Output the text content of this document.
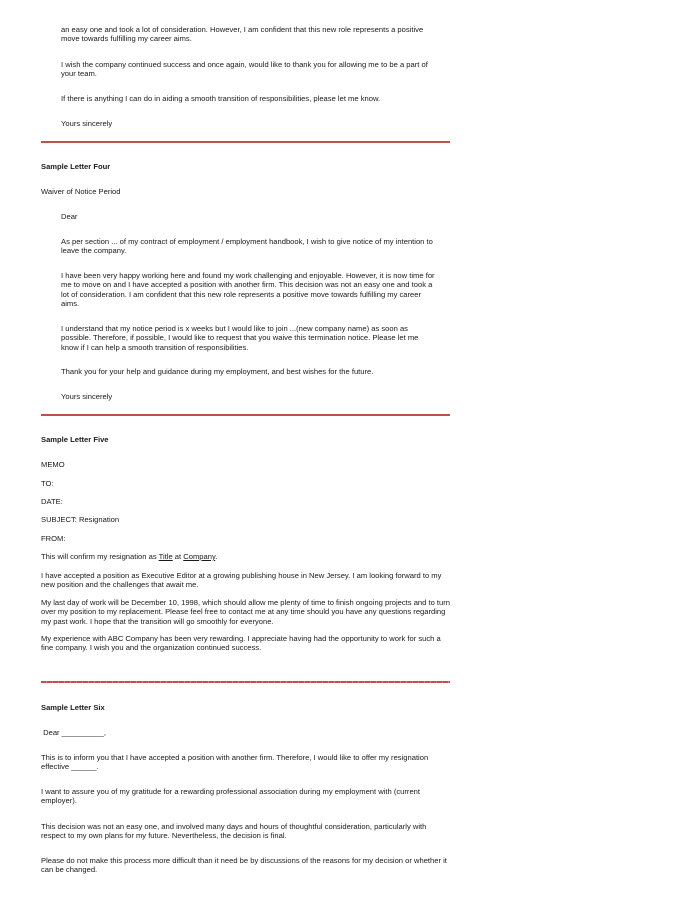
an easy one and took a lot of consideration. However, I am confident that this new role represents a positive move towards fulfilling my career aims.

I wish the company continued success and once again, would like to thank you for allowing me to be a part of your team.

If there is anything I can do in aiding a smooth transition of responsibilities, please let me know.

Yours sincerely

Sample Letter Four

Waiver of Notice Period

Dear

As per section ... of my contract of employment / employment handbook, I wish to give notice of my intention to leave the company.

I have been very happy working here and found my work challenging and enjoyable. However, it is now time for me to move on and I have accepted a position with another firm. This decision was not an easy one and took a lot of consideration. I am confident that this new role represents a positive move towards fulfilling my career aims.

I understand that my notice period is x weeks but I would like to join ...(new company name) as soon as possible. Therefore, if possible, I would like to request that you waive this termination notice. Please let me know if I can help a smooth transition of responsibilities.

Thank you for your help and guidance during my employment, and best wishes for the future.

Yours sincerely

Sample Letter Five

MEMO

TO:

DATE:

SUBJECT: Resignation

FROM:

This will confirm my resignation as Title at Company.

I have accepted a position as Executive Editor at a growing publishing house in New Jersey. I am looking forward to my new position and the challenges that await me.

My last day of work will be December 10, 1998, which should allow me plenty of time to finish ongoing projects and to turn over my position to my replacement. Please feel free to contact me at any time should you have any questions regarding my past work. I hope that the transition will go smoothly for everyone.

My experience with ABC Company has been very rewarding. I appreciate having had the opportunity to work for such a fine company. I wish you and the organization continued success.

Sample Letter Six

Dear __________,

This is to inform you that I have accepted a position with another firm. Therefore, I would like to offer my resignation effective ______.

I want to assure you of my gratitude for a rewarding professional association during my employment with (current employer).

This decision was not an easy one, and involved many days and hours of thoughtful consideration, particularly with respect to my own plans for my future. Nevertheless, the decision is final.

Please do not make this process more difficult than it need be by discussions of the reasons for my decision or whether it can be changed.
